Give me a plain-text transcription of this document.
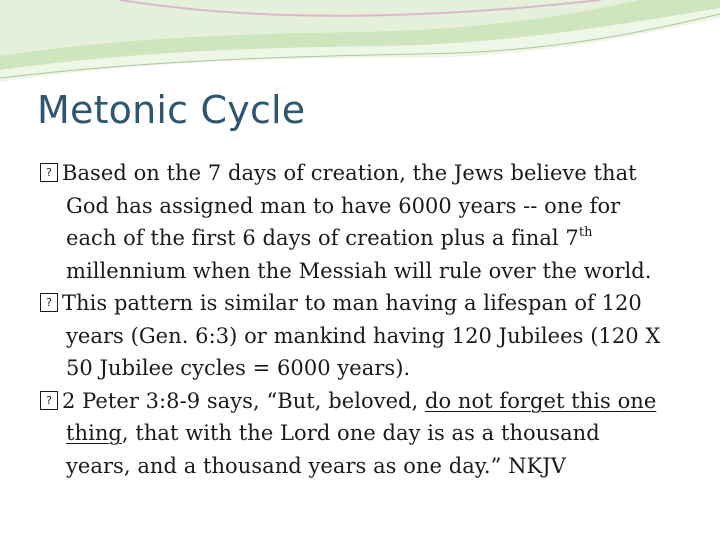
Metonic Cycle
? Based on the 7 days of creation, the Jews believe that
God has assigned man to have 6000 years -- one for
each of the first 6 days of creation plus a final 7th
millennium when the Messiah will rule over the world.
? This pattern is similar to man having a lifespan of 120
years (Gen. 6:3) or mankind having 120 Jubilees (120 X
50 Jubilee cycles = 6000 years).
? 2 Peter 3:8-9 says, “But, beloved, do not forget this one
thing, that with the Lord one day is as a thousand
years, and a thousand years as one day.” NKJV
